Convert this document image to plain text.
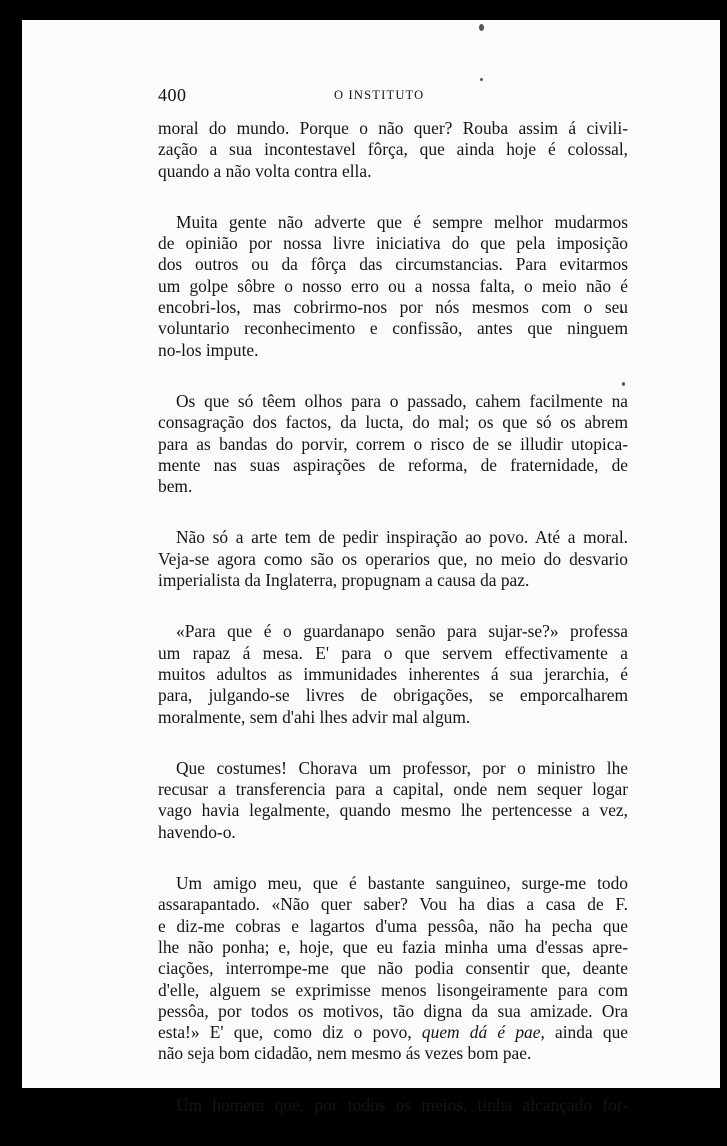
400	O INSTITUTO

moral do mundo. Porque o não quer? Rouba assim á civili-
zação a sua incontestavel fôrça, que ainda hoje é colossal,
quando a não volta contra ella.

Muita gente não adverte que é sempre melhor mudarmos
de opinião por nossa livre iniciativa do que pela imposição
dos outros ou da fôrça das circumstancias. Para evitarmos
um golpe sôbre o nosso erro ou a nossa falta, o meio não é
encobri-los, mas cobrirmo-nos por nós mesmos com o seu
voluntario reconhecimento e confissão, antes que ninguem
no-los impute.

Os que só têem olhos para o passado, cahem facilmente na
consagração dos factos, da lucta, do mal; os que só os abrem
para as bandas do porvir, correm o risco de se illudir utopica-
mente nas suas aspirações de reforma, de fraternidade, de
bem.

Não só a arte tem de pedir inspiração ao povo. Até a moral.
Veja-se agora como são os operarios que, no meio do desvario
imperialista da Inglaterra, propugnam a causa da paz.

«Para que é o guardanapo senão para sujar-se?» professa
um rapaz á mesa. E' para o que servem effectivamente a
muitos adultos as immunidades inherentes á sua jerarchia, é
para, julgando-se livres de obrigações, se emporcalharem
moralmente, sem d'ahi lhes advir mal algum.

Que costumes! Chorava um professor, por o ministro lhe
recusar a transferencia para a capital, onde nem sequer logar
vago havia legalmente, quando mesmo lhe pertencesse a vez,
havendo-o.

Um amigo meu, que é bastante sanguineo, surge-me todo
assarapantado. «Não quer saber? Vou ha dias a casa de F.
e diz-me cobras e lagartos d'uma pessôa, não ha pecha que
lhe não ponha; e, hoje, que eu fazia minha uma d'essas apre-
ciações, interrompe-me que não podia consentir que, deante
d'elle, alguem se exprimisse menos lisongeiramente para com
pessôa, por todos os motivos, tão digna da sua amizade. Ora
esta!» E' que, como diz o povo, quem dá é pae, ainda que
não seja bom cidadão, nem mesmo ás vezes bom pae.

Um homem que, por todos os meios, tinha alcançado for-
